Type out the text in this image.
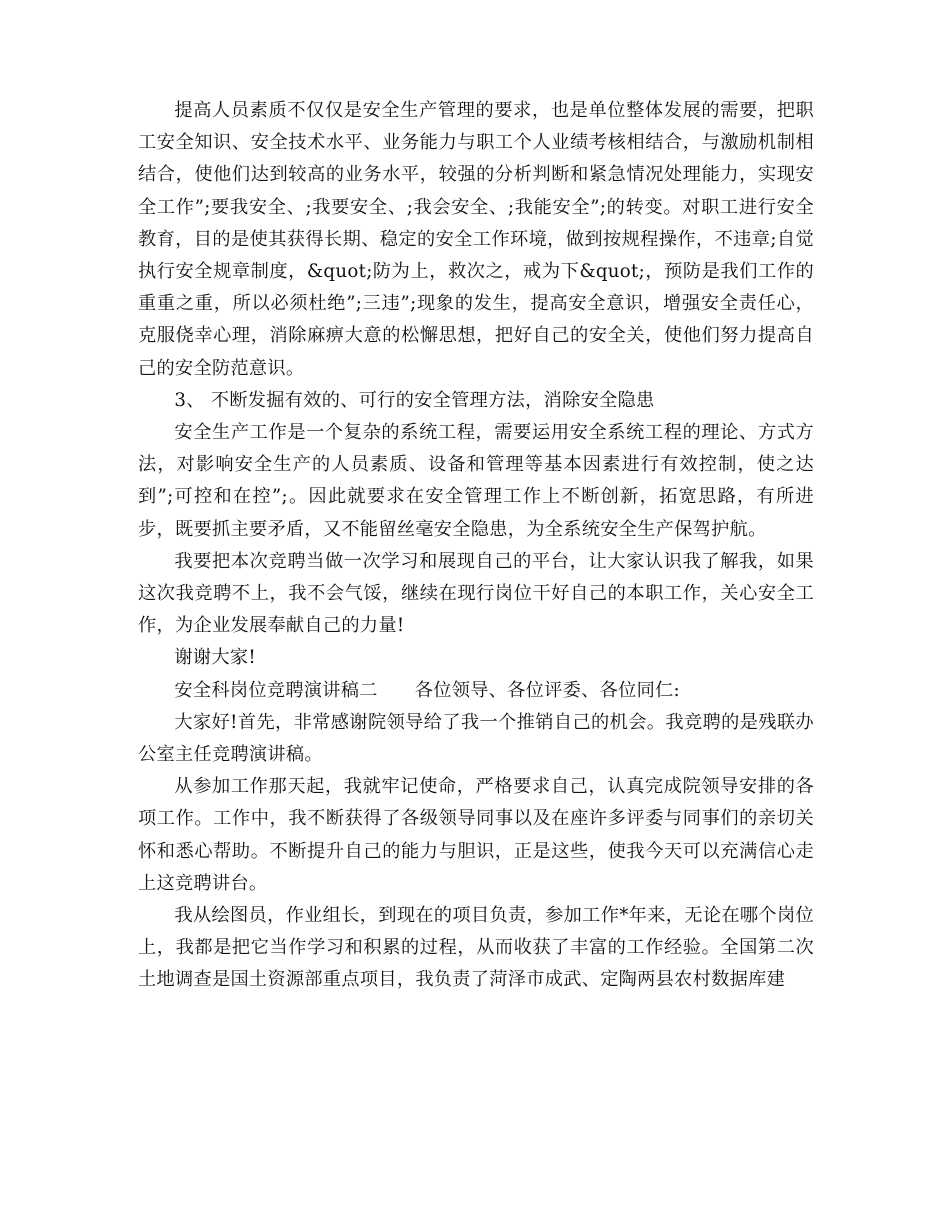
提高人员素质不仅仅是安全生产管理的要求，也是单位整体发展的需要，把职工安全知识、安全技术水平、业务能力与职工个人业绩考核相结合，与激励机制相结合，使他们达到较高的业务水平，较强的分析判断和紧急情况处理能力，实现安全工作”;要我安全、;我要安全、;我会安全、;我能安全”;的转变。对职工进行安全教育，目的是使其获得长期、稳定的安全工作环境，做到按规程操作，不违章;自觉执行安全规章制度，&quot;防为上，救次之，戒为下&quot;，预防是我们工作的重重之重，所以必须杜绝”;三违”;现象的发生，提高安全意识，增强安全责任心，克服侥幸心理，消除麻痹大意的松懈思想，把好自己的安全关，使他们努力提高自己的安全防范意识。

3、 不断发掘有效的、可行的安全管理方法，消除安全隐患

安全生产工作是一个复杂的系统工程，需要运用安全系统工程的理论、方式方法，对影响安全生产的人员素质、设备和管理等基本因素进行有效控制，使之达到”;可控和在控”;。因此就要求在安全管理工作上不断创新，拓宽思路，有所进步，既要抓主要矛盾，又不能留丝毫安全隐患，为全系统安全生产保驾护航。

我要把本次竞聘当做一次学习和展现自己的平台，让大家认识我了解我，如果这次我竞聘不上，我不会气馁，继续在现行岗位干好自己的本职工作，关心安全工作，为企业发展奉献自己的力量!

谢谢大家!

安全科岗位竞聘演讲稿二　　各位领导、各位评委、各位同仁:

大家好!首先，非常感谢院领导给了我一个推销自己的机会。我竞聘的是残联办公室主任竞聘演讲稿。

从参加工作那天起，我就牢记使命，严格要求自己，认真完成院领导安排的各项工作。工作中，我不断获得了各级领导同事以及在座许多评委与同事们的亲切关怀和悉心帮助。不断提升自己的能力与胆识，正是这些，使我今天可以充满信心走上这竞聘讲台。

我从绘图员，作业组长，到现在的项目负责，参加工作*年来，无论在哪个岗位上，我都是把它当作学习和积累的过程，从而收获了丰富的工作经验。全国第二次土地调查是国土资源部重点项目，我负责了菏泽市成武、定陶两县农村数据库建
